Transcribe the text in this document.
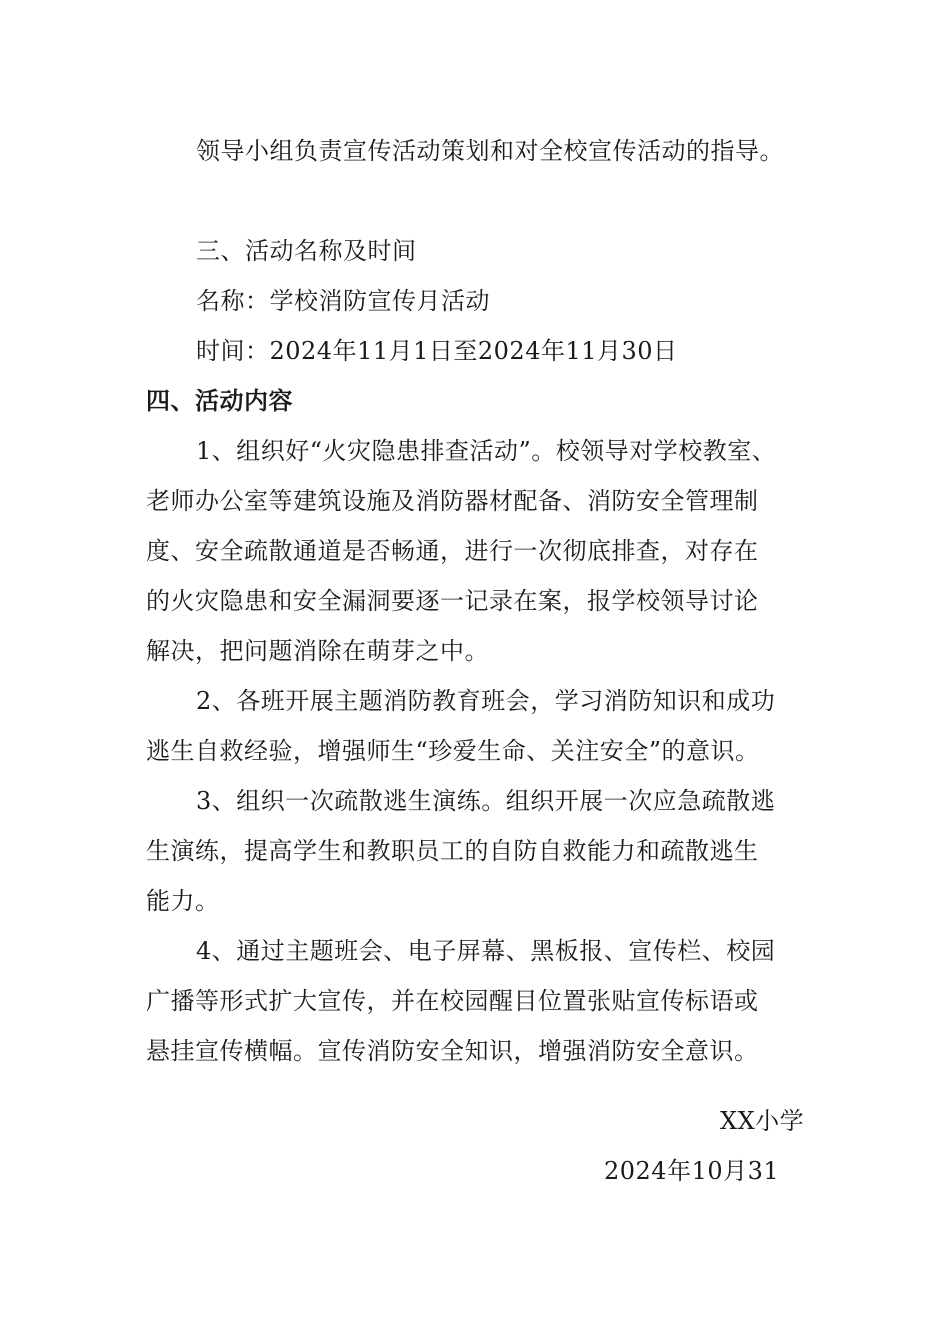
领导小组负责宣传活动策划和对全校宣传活动的指导。
三、活动名称及时间
名称：学校消防宣传月活动
时间：2024年11月1日至2024年11月30日
四、活动内容
1、组织好“火灾隐患排查活动”。校领导对学校教室、
老师办公室等建筑设施及消防器材配备、消防安全管理制
度、安全疏散通道是否畅通，进行一次彻底排查，对存在
的火灾隐患和安全漏洞要逐一记录在案，报学校领导讨论
解决，把问题消除在萌芽之中。
2、各班开展主题消防教育班会，学习消防知识和成功
逃生自救经验，增强师生“珍爱生命、关注安全”的意识。
3、组织一次疏散逃生演练。组织开展一次应急疏散逃
生演练，提高学生和教职员工的自防自救能力和疏散逃生
能力。
4、通过主题班会、电子屏幕、黑板报、宣传栏、校园
广播等形式扩大宣传，并在校园醒目位置张贴宣传标语或
悬挂宣传横幅。宣传消防安全知识，增强消防安全意识。
XX小学
2024年10月31
